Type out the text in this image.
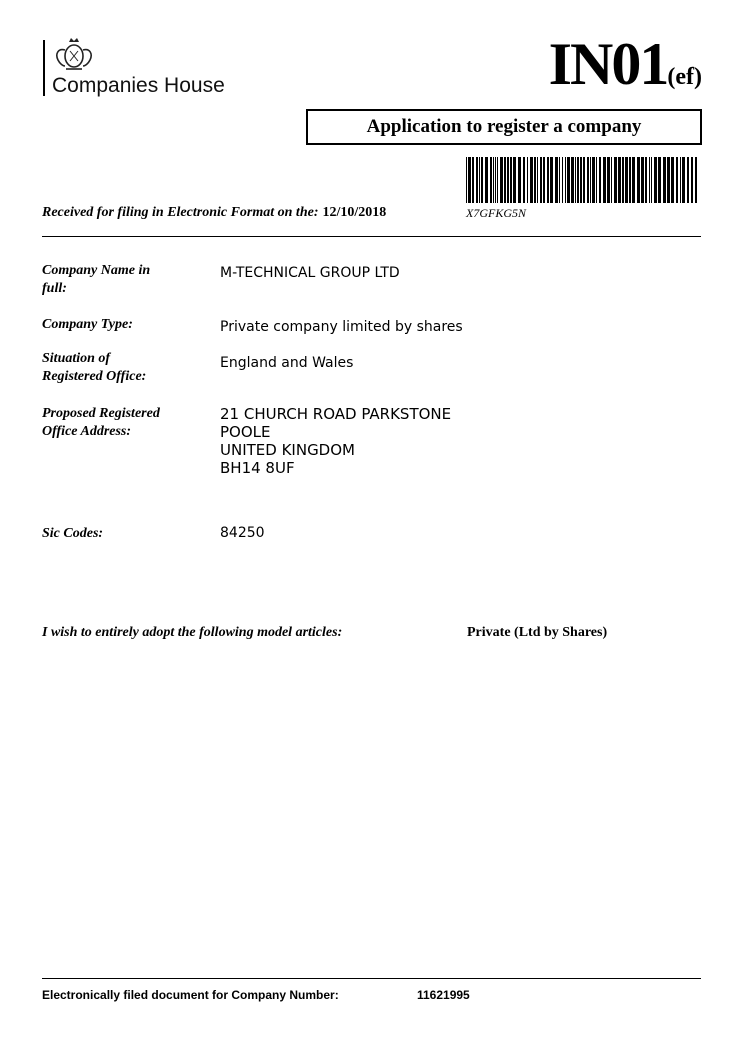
Companies House	IN01(ef)
Application to register a company
X7GFKG5N
Received for filing in Electronic Format on the: 12/10/2018
Company Name in full:
M-TECHNICAL GROUP LTD
Company Type:	Private company limited by shares
Situation of Registered Office:
England and Wales
Proposed Registered Office Address:
21 CHURCH ROAD PARKSTONE
POOLE
UNITED KINGDOM
BH14 8UF
Sic Codes:	84250
I wish to entirely adopt the following model articles:	Private (Ltd by Shares)
Electronically filed document for Company Number:	11621995
